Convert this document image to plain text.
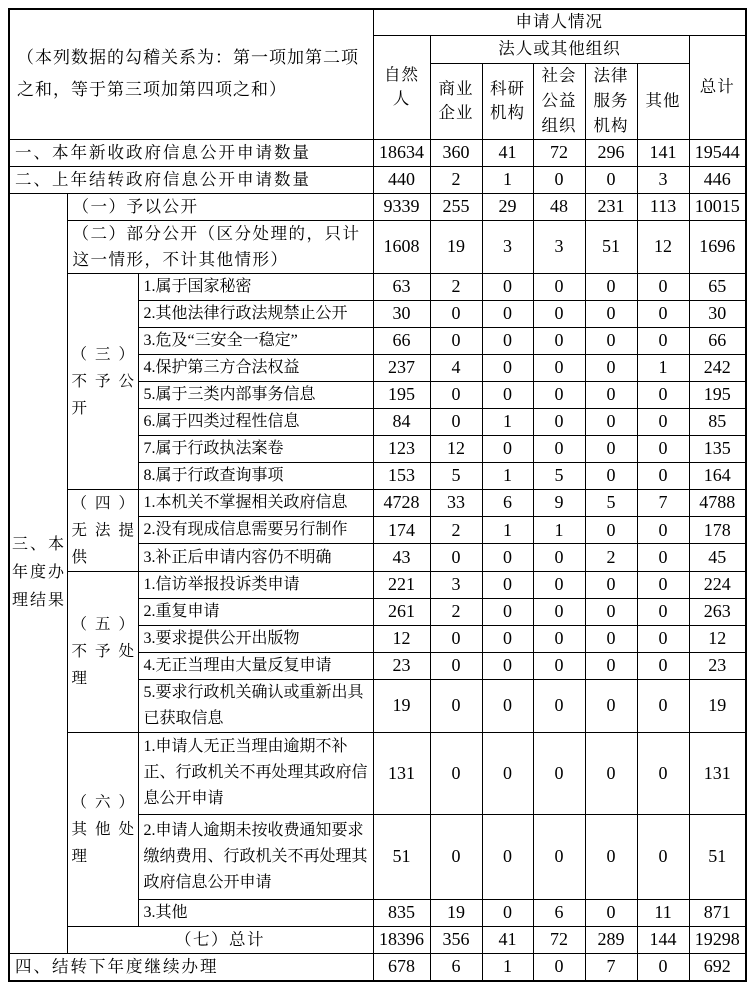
（本列数据的勾稽关系为：第一项加第二项之和，等于第三项加第四项之和）			申请人情况						
			自然人	法人或其他组织					总计
				商业企业	科研机构	社会公益组织	法律服务机构	其他	
一、本年新收政府信息公开申请数量			18634	360	41	72	296	141	19544
二、上年结转政府信息公开申请数量			440	2	1	0	0	3	446
三、本年度办理结果	（一）予以公开		9339	255	29	48	231	113	10015
	（二）部分公开（区分处理的，只计这一情形，不计其他情形）		1608	19	3	3	51	12	1696
	（三）不予公开	1.属于国家秘密	63	2	0	0	0	0	65
		2.其他法律行政法规禁止公开	30	0	0	0	0	0	30
		3.危及“三安全一稳定”	66	0	0	0	0	0	66
		4.保护第三方合法权益	237	4	0	0	0	1	242
		5.属于三类内部事务信息	195	0	0	0	0	0	195
		6.属于四类过程性信息	84	0	1	0	0	0	85
		7.属于行政执法案卷	123	12	0	0	0	0	135
		8.属于行政查询事项	153	5	1	5	0	0	164
	（四）无法提供	1.本机关不掌握相关政府信息	4728	33	6	9	5	7	4788
		2.没有现成信息需要另行制作	174	2	1	1	0	0	178
		3.补正后申请内容仍不明确	43	0	0	0	2	0	45
	（五）不予处理	1.信访举报投诉类申请	221	3	0	0	0	0	224
		2.重复申请	261	2	0	0	0	0	263
		3.要求提供公开出版物	12	0	0	0	0	0	12
		4.无正当理由大量反复申请	23	0	0	0	0	0	23
		5.要求行政机关确认或重新出具已获取信息	19	0	0	0	0	0	19
	（六）其他处理	1.申请人无正当理由逾期不补正、行政机关不再处理其政府信息公开申请	131	0	0	0	0	0	131
		2.申请人逾期未按收费通知要求缴纳费用、行政机关不再处理其政府信息公开申请	51	0	0	0	0	0	51
		3.其他	835	19	0	6	0	11	871
	（七）总计		18396	356	41	72	289	144	19298
四、结转下年度继续办理			678	6	1	0	7	0	692
